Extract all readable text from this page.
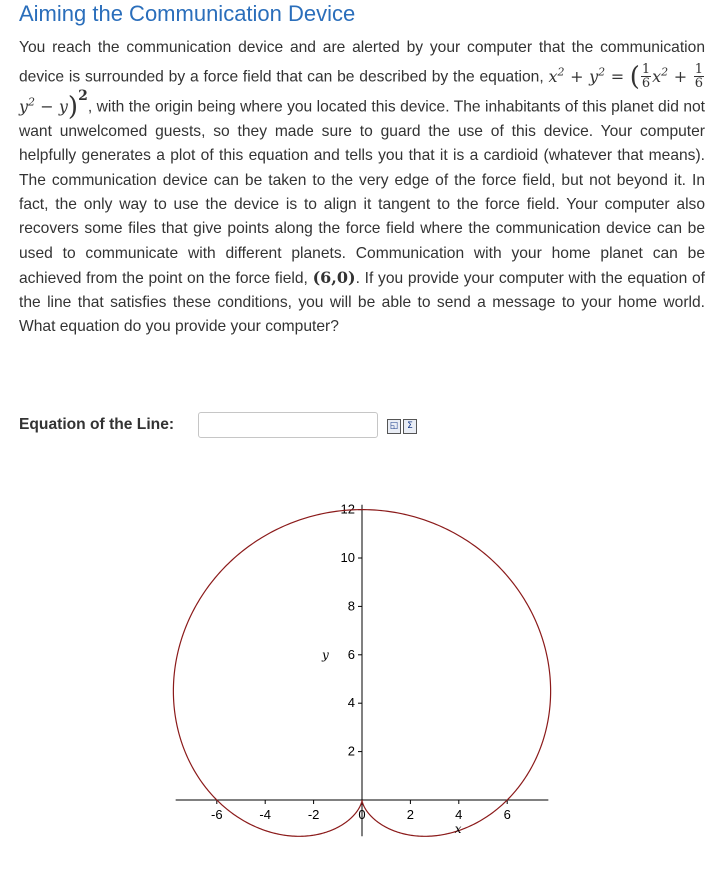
Aiming the Communication Device

You reach the communication device and are alerted by your computer that the communication device is surrounded by a force field that can be described by the equation, $x^2 + y^2$ = ( $\frac{1}{6} x^2 + \frac{1}{6}$
$y^2 - y)2$, with the origin being where you located this device. The inhabitants of this planet did not want unwelcomed guests, so they made sure to guard the use of this device. Your computer helpfully generates a plot of this equation and tells you that it is a cardioid (whatever that means). The communication device can be taken to the very edge of the force field, but not beyond it. In fact, the only way to use the device is to align it tangent to the force field. Your computer also recovers some files that give points along the force field where the communication device can be used to communicate with different planets. Communication with your home planet can be achieved from the point on the force field, (6,0). If you provide your computer with the equation of the line that satisfies these conditions, you will be able to send a message to your home world. What equation do you provide your computer?

Equation of the Line:	◱ Σ
-6	-4	-2	0	2	4	6
2
4
6
8
10
12
y
x
